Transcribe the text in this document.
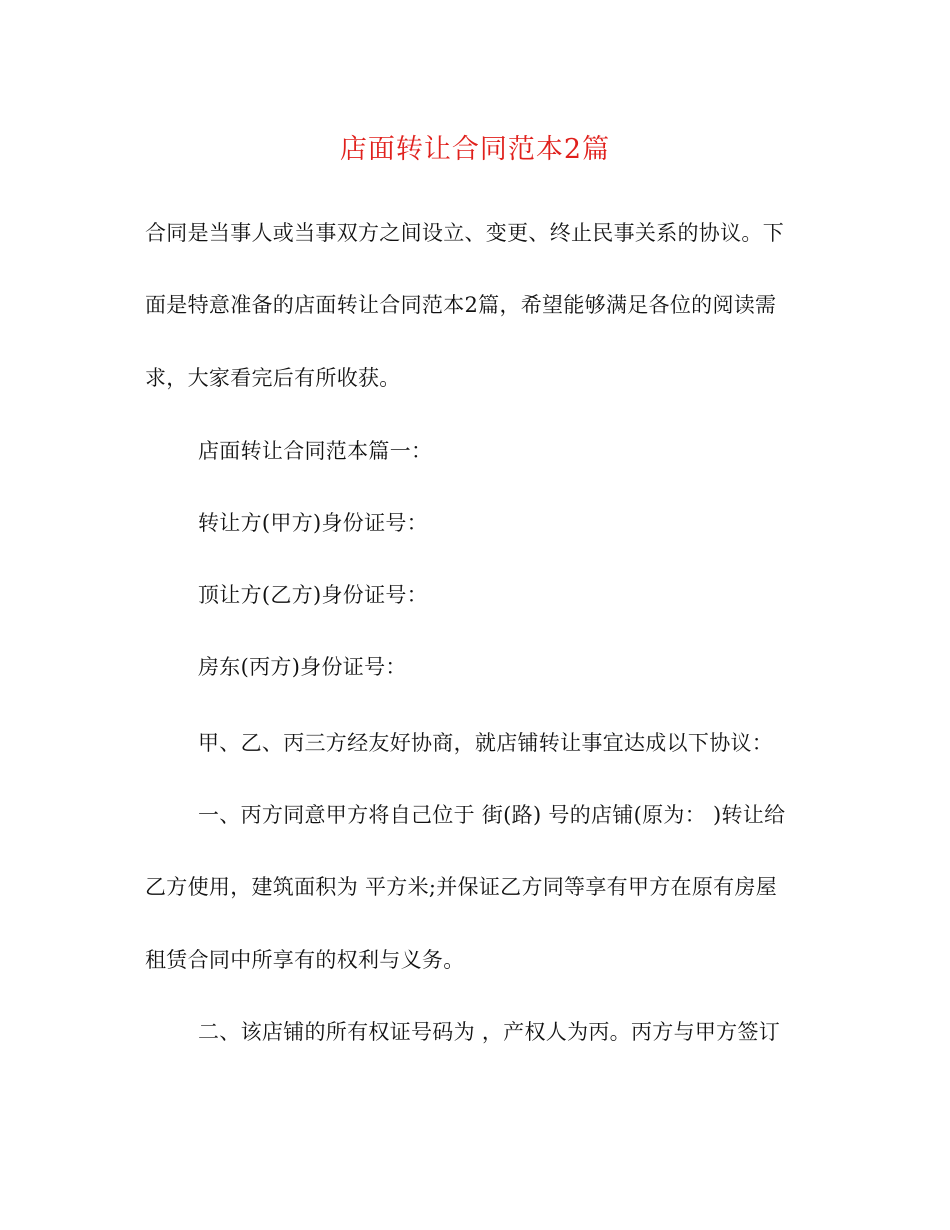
店面转让合同范本2篇
合同是当事人或当事双方之间设立、变更、终止民事关系的协议。下
面是特意准备的店面转让合同范本2篇，希望能够满足各位的阅读需
求，大家看完后有所收获。
店面转让合同范本篇一：
转让方(甲方)身份证号：
顶让方(乙方)身份证号：
房东(丙方)身份证号：
甲、乙、丙三方经友好协商，就店铺转让事宜达成以下协议：
一、丙方同意甲方将自己位于 街(路) 号的店铺(原为： )转让给
乙方使用，建筑面积为 平方米;并保证乙方同等享有甲方在原有房屋
租赁合同中所享有的权利与义务。
二、该店铺的所有权证号码为 ，产权人为丙。丙方与甲方签订
